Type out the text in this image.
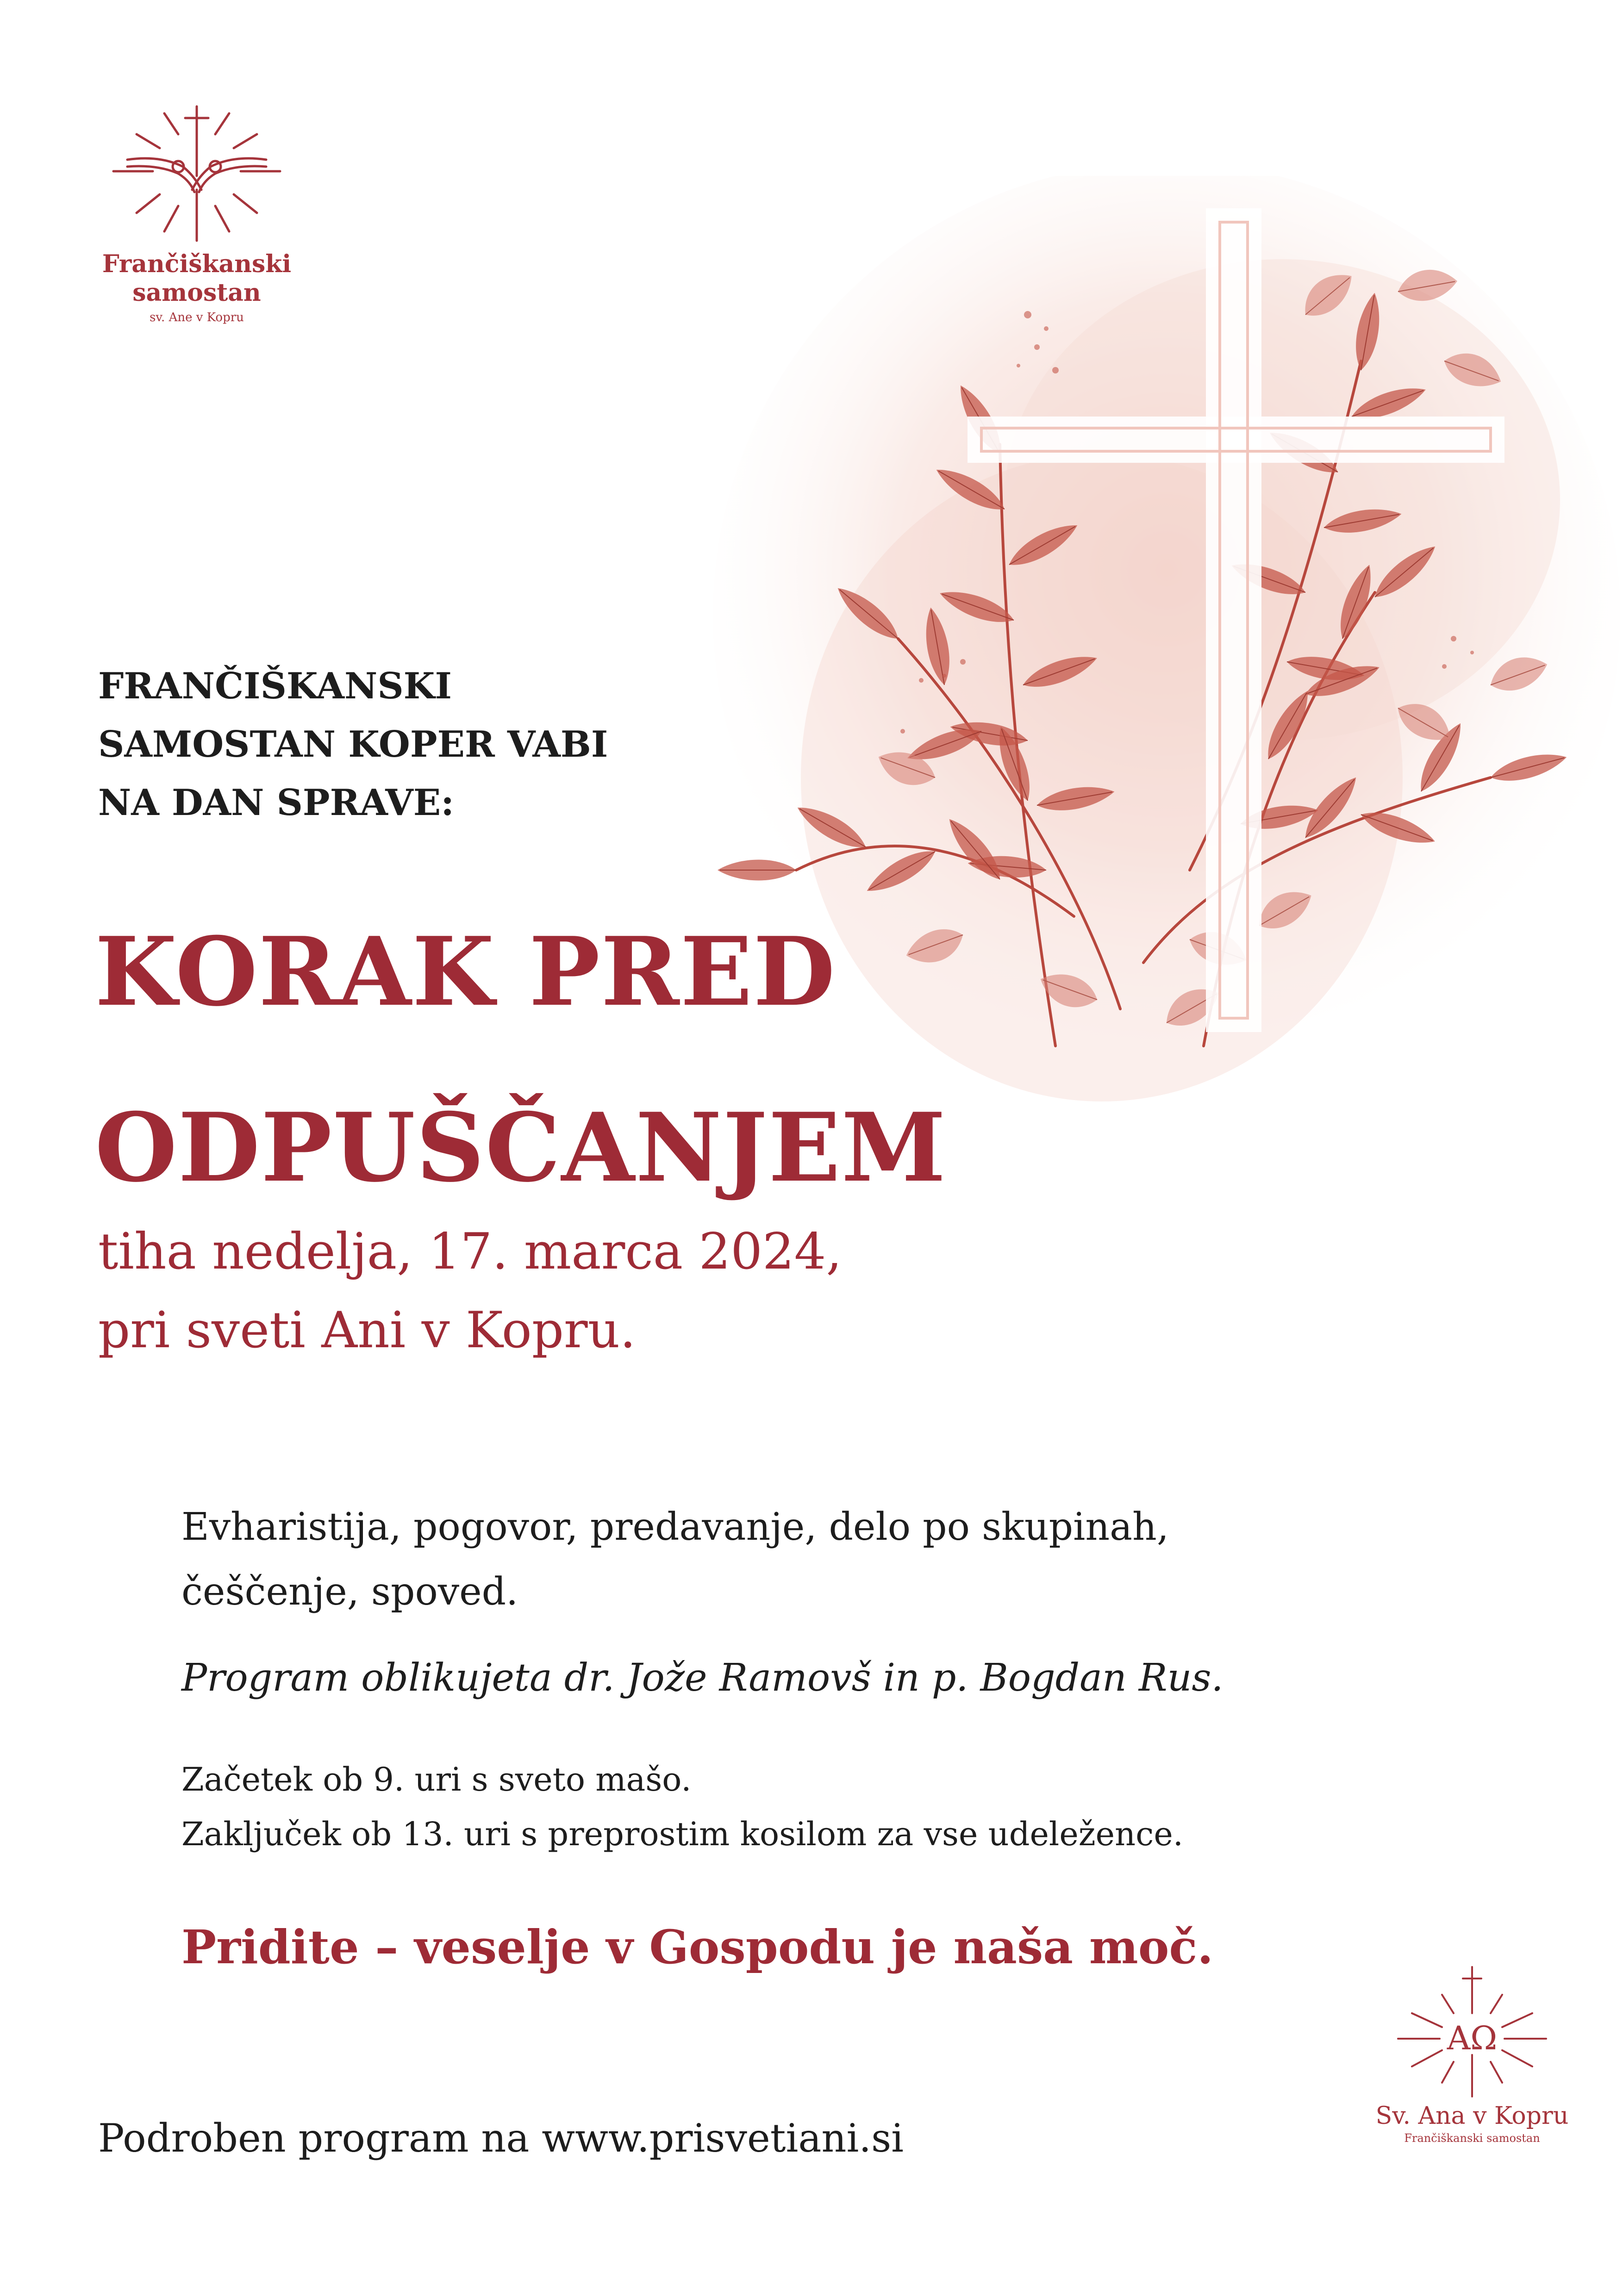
Frančiškanski
samostan
sv. Ane v Kopru
FRANČIŠKANSKI
SAMOSTAN KOPER VABI
NA DAN SPRAVE:
KORAK PRED
ODPUŠČANJEM
tiha nedelja, 17. marca 2024,
pri sveti Ani v Kopru.
Evharistija, pogovor, predavanje, delo po skupinah,
češčenje, spoved.
Program oblikujeta dr. Jože Ramovš in p. Bogdan Rus.
Začetek ob 9. uri s sveto mašo.
Zaključek ob 13. uri s preprostim kosilom za vse udeležence.
Pridite – veselje v Gospodu je naša moč.
Podroben program na www.prisvetiani.si
AΩ
Sv. Ana v Kopru
Frančiškanski samostan
